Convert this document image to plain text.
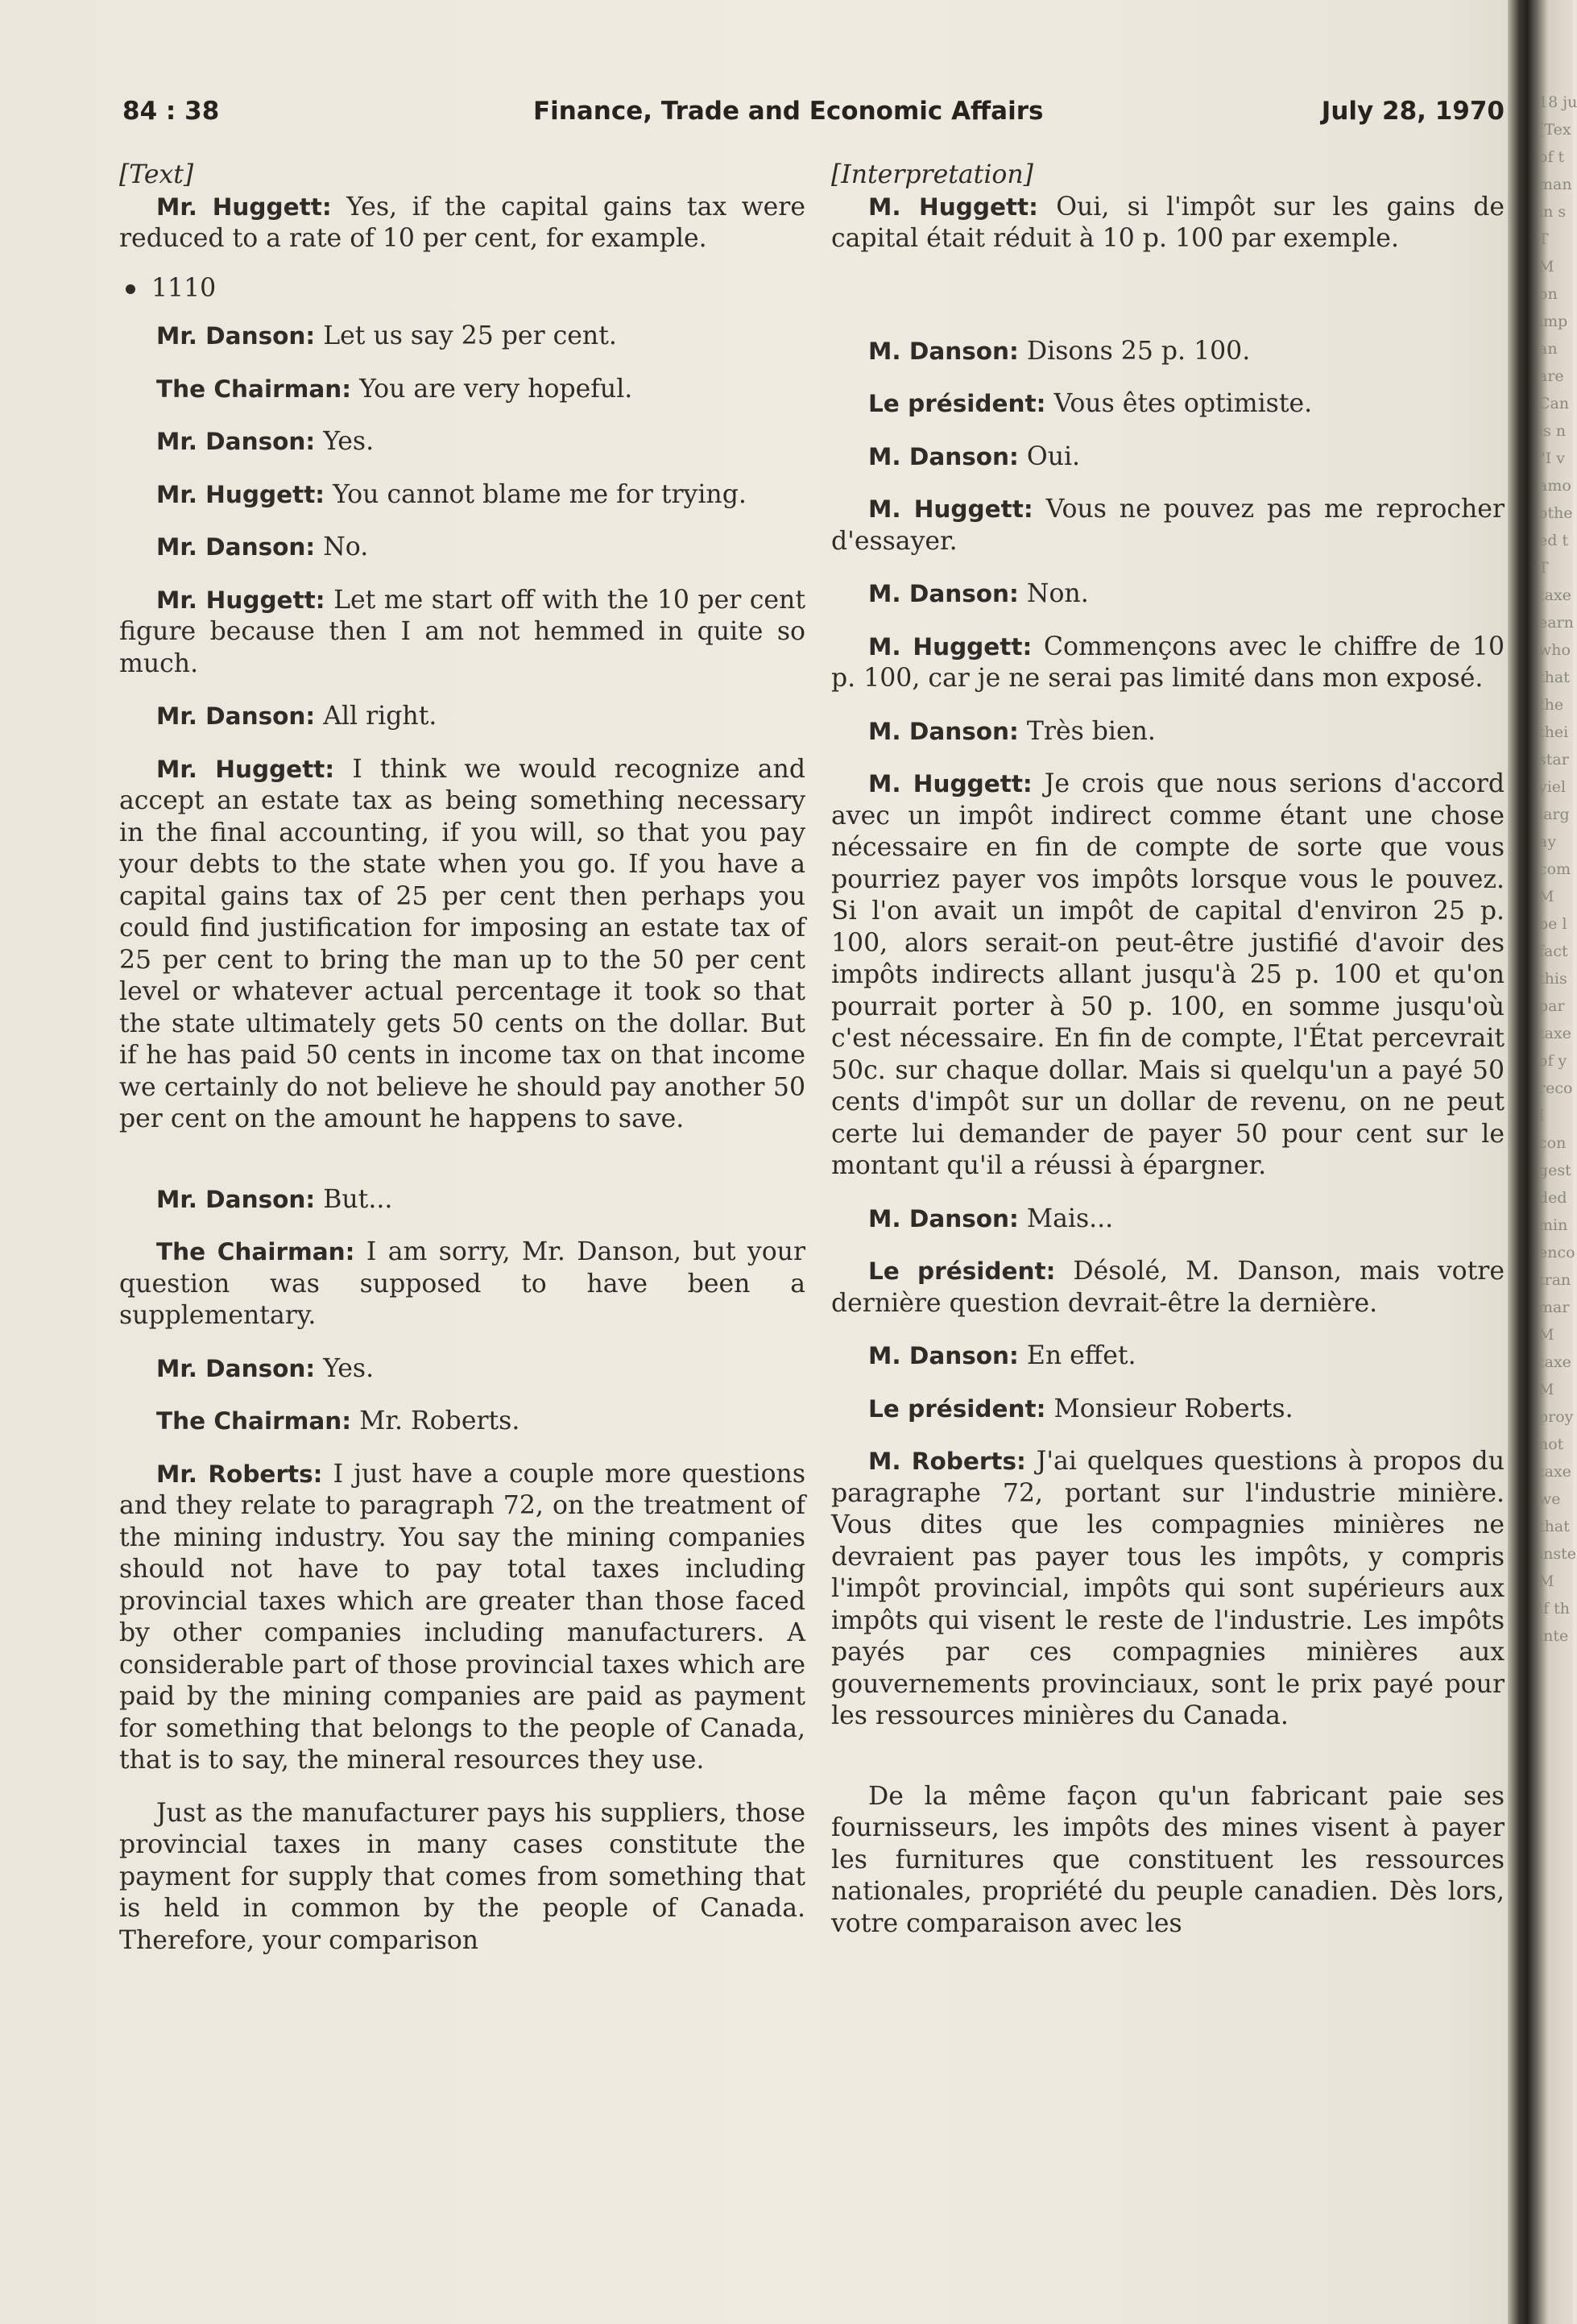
84 : 38	Finance, Trade and Economic Affairs	July 28, 1970

[Text]

Mr. Huggett: Yes, if the capital gains tax were reduced to a rate of 10 per cent, for example.

1110

Mr. Danson: Let us say 25 per cent.

The Chairman: You are very hopeful.

Mr. Danson: Yes.

Mr. Huggett: You cannot blame me for trying.

Mr. Danson: No.

Mr. Huggett: Let me start off with the 10 per cent figure because then I am not hemmed in quite so much.

Mr. Danson: All right.

Mr. Huggett: I think we would recognize and accept an estate tax as being something necessary in the final accounting, if you will, so that you pay your debts to the state when you go. If you have a capital gains tax of 25 per cent then perhaps you could find justification for imposing an estate tax of 25 per cent to bring the man up to the 50 per cent level or whatever actual percentage it took so that the state ultimately gets 50 cents on the dollar. But if he has paid 50 cents in income tax on that income we certainly do not believe he should pay another 50 per cent on the amount he happens to save.

Mr. Danson: But...

The Chairman: I am sorry, Mr. Danson, but your question was supposed to have been a supplementary.

Mr. Danson: Yes.

The Chairman: Mr. Roberts.

Mr. Roberts: I just have a couple more questions and they relate to paragraph 72, on the treatment of the mining industry. You say the mining companies should not have to pay total taxes including provincial taxes which are greater than those faced by other companies including manufacturers. A considerable part of those provincial taxes which are paid by the mining companies are paid as payment for something that belongs to the people of Canada, that is to say, the mineral resources they use.

Just as the manufacturer pays his suppliers, those provincial taxes in many cases constitute the payment for supply that comes from something that is held in common by the people of Canada. Therefore, your comparison

[Interpretation]

M. Huggett: Oui, si l'impôt sur les gains de capital était réduit à 10 p. 100 par exemple.

M. Danson: Disons 25 p. 100.

Le président: Vous êtes optimiste.

M. Danson: Oui.

M. Huggett: Vous ne pouvez pas me reprocher d'essayer.

M. Danson: Non.

M. Huggett: Commençons avec le chiffre de 10 p. 100, car je ne serai pas limité dans mon exposé.

M. Danson: Très bien.

M. Huggett: Je crois que nous serions d'accord avec un impôt indirect comme étant une chose nécessaire en fin de compte de sorte que vous pourriez payer vos impôts lorsque vous le pouvez. Si l'on avait un impôt de capital d'environ 25 p. 100, alors serait-on peut-être justifié d'avoir des impôts indirects allant jusqu'à 25 p. 100 et qu'on pourrait porter à 50 p. 100, en somme jusqu'où c'est nécessaire. En fin de compte, l'État percevrait 50c. sur chaque dollar. Mais si quelqu'un a payé 50 cents d'impôt sur un dollar de revenu, on ne peut certe lui demander de payer 50 pour cent sur le montant qu'il a réussi à épargner.

M. Danson: Mais...

Le président: Désolé, M. Danson, mais votre dernière question devrait-être la dernière.

M. Danson: En effet.

Le président: Monsieur Roberts.

M. Roberts: J'ai quelques questions à propos du paragraphe 72, portant sur l'industrie minière. Vous dites que les compagnies minières ne devraient pas payer tous les impôts, y compris l'impôt provincial, impôts qui sont supérieurs aux impôts qui visent le reste de l'industrie. Les impôts payés par ces compagnies minières aux gouvernements provinciaux, sont le prix payé pour les ressources minières du Canada.

De la même façon qu'un fabricant paie ses fournisseurs, les impôts des mines visent à payer les furnitures que constituent les ressources nationales, propriété du peuple canadien. Dès lors, votre comparaison avec les

18 ju
[Tex
of t
man
in s
T
M
on
imp
an
are
Can
is n
"I v
amo
othe
ed t
T
taxe
earn
who
that
the
thei
star
yiel
larg
ay
com
M
be l
fact
this
par
taxe
of y
reco
I
con
gest
ded
min
enco
tran
mar
M
taxe
M
proy
not
taxe
we
that
inste
M
if th
inte
